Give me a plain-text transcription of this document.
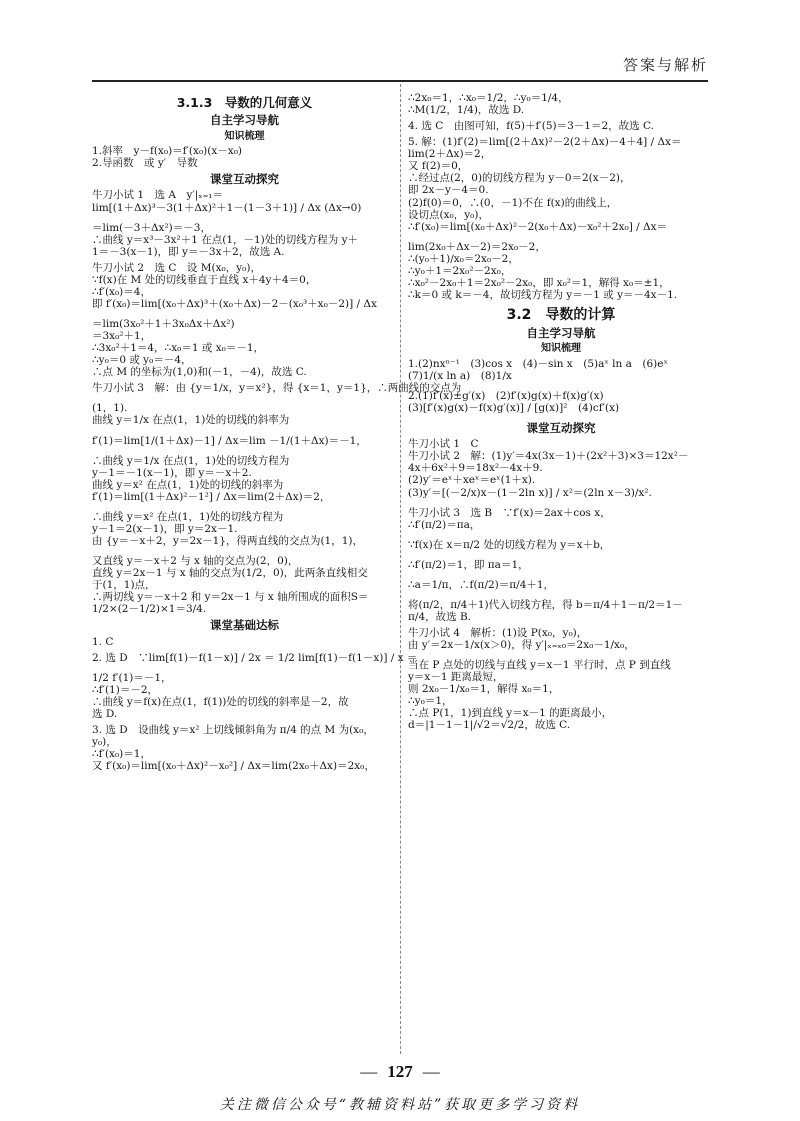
答案与解析
3.1.3　导数的几何意义
自主学习导航
知识梳理

1.斜率　y－f(x₀)＝f′(x₀)(x－x₀)

2.导函数　或 y′　导数

课堂互动探究

牛刀小试 1　选 A　y′|ₓ₌₁＝

lim[(1＋Δx)³－3(1＋Δx)²＋1－(1－3＋1)] / Δx (Δx→0)

＝lim(－3＋Δx²)＝－3，

∴曲线 y＝x³－3x²＋1 在点(1，－1)处的切线方程为 y＋

1＝－3(x－1)，即 y＝－3x＋2，故选 A.

牛刀小试 2　选 C　设 M(x₀，y₀)，

∵f(x)在 M 处的切线垂直于直线 x＋4y＋4＝0，

∴f′(x₀)＝4，

即 f′(x₀)＝lim[(x₀＋Δx)³＋(x₀＋Δx)－2－(x₀³＋x₀－2)] / Δx

＝lim(3x₀²＋1＋3x₀Δx＋Δx²)

＝3x₀²＋1，

∴3x₀²＋1＝4，∴x₀＝1 或 x₀＝－1，

∴y₀＝0 或 y₀＝－4，

∴点 M 的坐标为(1,0)和(－1，－4)，故选 C.

牛刀小试 3　解：由 {y＝1/x，y＝x²}，得 {x＝1，y＝1}，∴两曲线的交点为

(1，1).

曲线 y＝1/x 在点(1，1)处的切线的斜率为

f′(1)＝lim[1/(1＋Δx)－1] / Δx＝lim －1/(1＋Δx)＝－1，

∴曲线 y＝1/x 在点(1，1)处的切线方程为

y－1＝－1(x－1)，即 y＝－x＋2.

曲线 y＝x² 在点(1，1)处的切线的斜率为

f′(1)＝lim[(1＋Δx)²－1²] / Δx＝lim(2＋Δx)＝2，

∴曲线 y＝x² 在点(1，1)处的切线方程为

y－1＝2(x－1)，即 y＝2x－1.

由 {y＝－x＋2，y＝2x－1}，得两直线的交点为(1，1)，

又直线 y＝－x＋2 与 x 轴的交点为(2，0)，

直线 y＝2x－1 与 x 轴的交点为(1/2，0)，此两条直线相交

于(1，1)点，

∴两切线 y＝－x＋2 和 y＝2x－1 与 x 轴所围成的面积S＝

1/2×(2－1/2)×1＝3/4.

课堂基础达标

1. C

2. 选 D　∵lim[f(1)－f(1－x)] / 2x ＝ 1/2 lim[f(1)－f(1－x)] / x ＝

1/2 f′(1)＝－1，

∴f′(1)＝－2，

∴曲线 y＝f(x)在点(1，f(1))处的切线的斜率是－2，故

选 D.

3. 选 D　设曲线 y＝x² 上切线倾斜角为 π/4 的点 M 为(x₀，

y₀)，

∴f′(x₀)＝1，

又 f′(x₀)＝lim[(x₀＋Δx)²－x₀²] / Δx＝lim(2x₀＋Δx)＝2x₀，

∴2x₀＝1，∴x₀＝1/2，∴y₀＝1/4，

∴M(1/2，1/4)，故选 D.

4. 选 C　由图可知，f(5)＋f′(5)＝3－1＝2，故选 C.

5. 解：(1)f′(2)＝lim[(2＋Δx)²－2(2＋Δx)－4＋4] / Δx＝

lim(2＋Δx)＝2，

又 f(2)＝0，

∴经过点(2，0)的切线方程为 y－0＝2(x－2)，

即 2x－y－4＝0.

(2)f(0)＝0，∴(0，－1)不在 f(x)的曲线上，

设切点(x₀，y₀)，

∴f′(x₀)＝lim[(x₀＋Δx)²－2(x₀＋Δx)－x₀²＋2x₀] / Δx＝

lim(2x₀＋Δx－2)＝2x₀－2，

∴(y₀＋1)/x₀＝2x₀－2，

∴y₀＋1＝2x₀²－2x₀，

∴x₀²－2x₀＋1＝2x₀²－2x₀，即 x₀²＝1，解得 x₀＝±1，

∴k＝0 或 k＝－4，故切线方程为 y＝－1 或 y＝－4x－1.

3.2　导数的计算
自主学习导航
知识梳理

1.(2)nxⁿ⁻¹　(3)cos x　(4)－sin x　(5)aˣ ln a　(6)eˣ

(7)1/(x ln a)　(8)1/x

2.(1)f′(x)±g′(x)　(2)f′(x)g(x)＋f(x)g′(x)

(3)[f′(x)g(x)－f(x)g′(x)] / [g(x)]²　(4)cf′(x)

课堂互动探究

牛刀小试 1　C

牛刀小试 2　解：(1)y′＝4x(3x－1)＋(2x²＋3)×3＝12x²－

4x＋6x²＋9＝18x²－4x＋9.

(2)y′＝eˣ＋xeˣ＝eˣ(1＋x).

(3)y′＝[(－2/x)x－(1－2ln x)] / x²＝(2ln x－3)/x².

牛刀小试 3　选 B　∵f′(x)＝2ax＋cos x，

∴f′(π/2)＝πa，

∵f(x)在 x＝π/2 处的切线方程为 y＝x＋b，

∴f′(π/2)＝1，即 πa＝1，

∴a＝1/π，∴f(π/2)＝π/4＋1，

将(π/2，π/4＋1)代入切线方程，得 b＝π/4＋1－π/2＝1－

π/4，故选 B.

牛刀小试 4　解析：(1)设 P(x₀，y₀)，

由 y′＝2x－1/x(x＞0)，得 y′|ₓ₌ₓ₀＝2x₀－1/x₀，

当在 P 点处的切线与直线 y＝x－1 平行时，点 P 到直线

y＝x－1 距离最短，

则 2x₀－1/x₀＝1，解得 x₀＝1，

∴y₀＝1，

∴点 P(1，1)到直线 y＝x－1 的距离最小，

d＝|1－1－1|/√2＝√2/2，故选 C.

— 127 —
关注微信公众号“教辅资料站”获取更多学习资料
